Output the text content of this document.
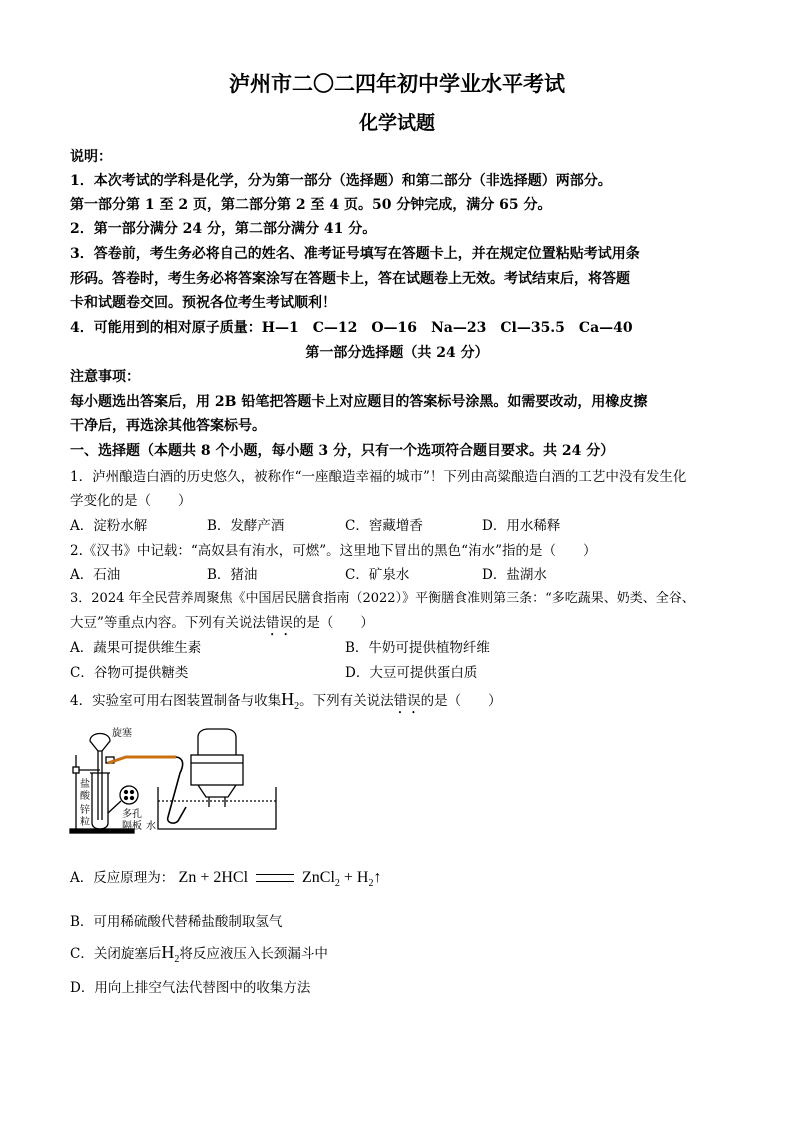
泸州市二〇二四年初中学业水平考试
化学试题
说明：
1．本次考试的学科是化学，分为第一部分（选择题）和第二部分（非选择题）两部分。
第一部分第 1 至 2 页，第二部分第 2 至 4 页。50 分钟完成，满分 65 分。
2．第一部分满分 24 分，第二部分满分 41 分。
3．答卷前，考生务必将自己的姓名、准考证号填写在答题卡上，并在规定位置粘贴考试用条
形码。答卷时，考生务必将答案涂写在答题卡上，答在试题卷上无效。考试结束后，将答题
卡和试题卷交回。预祝各位考生考试顺利！
4．可能用到的相对原子质量：H—1　C—12　O—16　Na—23　Cl—35.5　Ca—40
第一部分选择题（共 24 分）
注意事项：
每小题选出答案后，用 2B 铅笔把答题卡上对应题目的答案标号涂黑。如需要改动，用橡皮擦
干净后，再选涂其他答案标号。
一、选择题（本题共 8 个小题，每小题 3 分，只有一个选项符合题目要求。共 24 分）
1．泸州酿造白酒的历史悠久，被称作“一座酿造幸福的城市”！下列由高粱酿造白酒的工艺中没有发生化
学变化的是（　　）
A．淀粉水解	B．发酵产酒	C．窖藏增香	D．用水稀释
2.《汉书》中记载：“高奴县有洧水，可燃”。这里地下冒出的黑色“洧水”指的是（　　）
A．石油	B．猪油	C．矿泉水	D．盐湖水
3．2024 年全民营养周聚焦《中国居民膳食指南（2022）》平衡膳食准则第三条：“多吃蔬果、奶类、全谷、
大豆”等重点内容。下列有关说法错误的是（　　）
A．蔬果可提供维生素	B．牛奶可提供植物纤维
C．谷物可提供糖类	D．大豆可提供蛋白质
4．实验室可用右图装置制备与收集$H_2$。下列有关说法错误的是（　　）
旋塞
盐
酸
锌
粒
多孔
隔板 水
A．反应原理为： Zn + 2HCl	ZnCl$_2$ + $H_2↑$
B．可用稀硫酸代替稀盐酸制取氢气
C．关闭旋塞后$H_2$将反应液压入长颈漏斗中
D．用向上排空气法代替图中的收集方法
